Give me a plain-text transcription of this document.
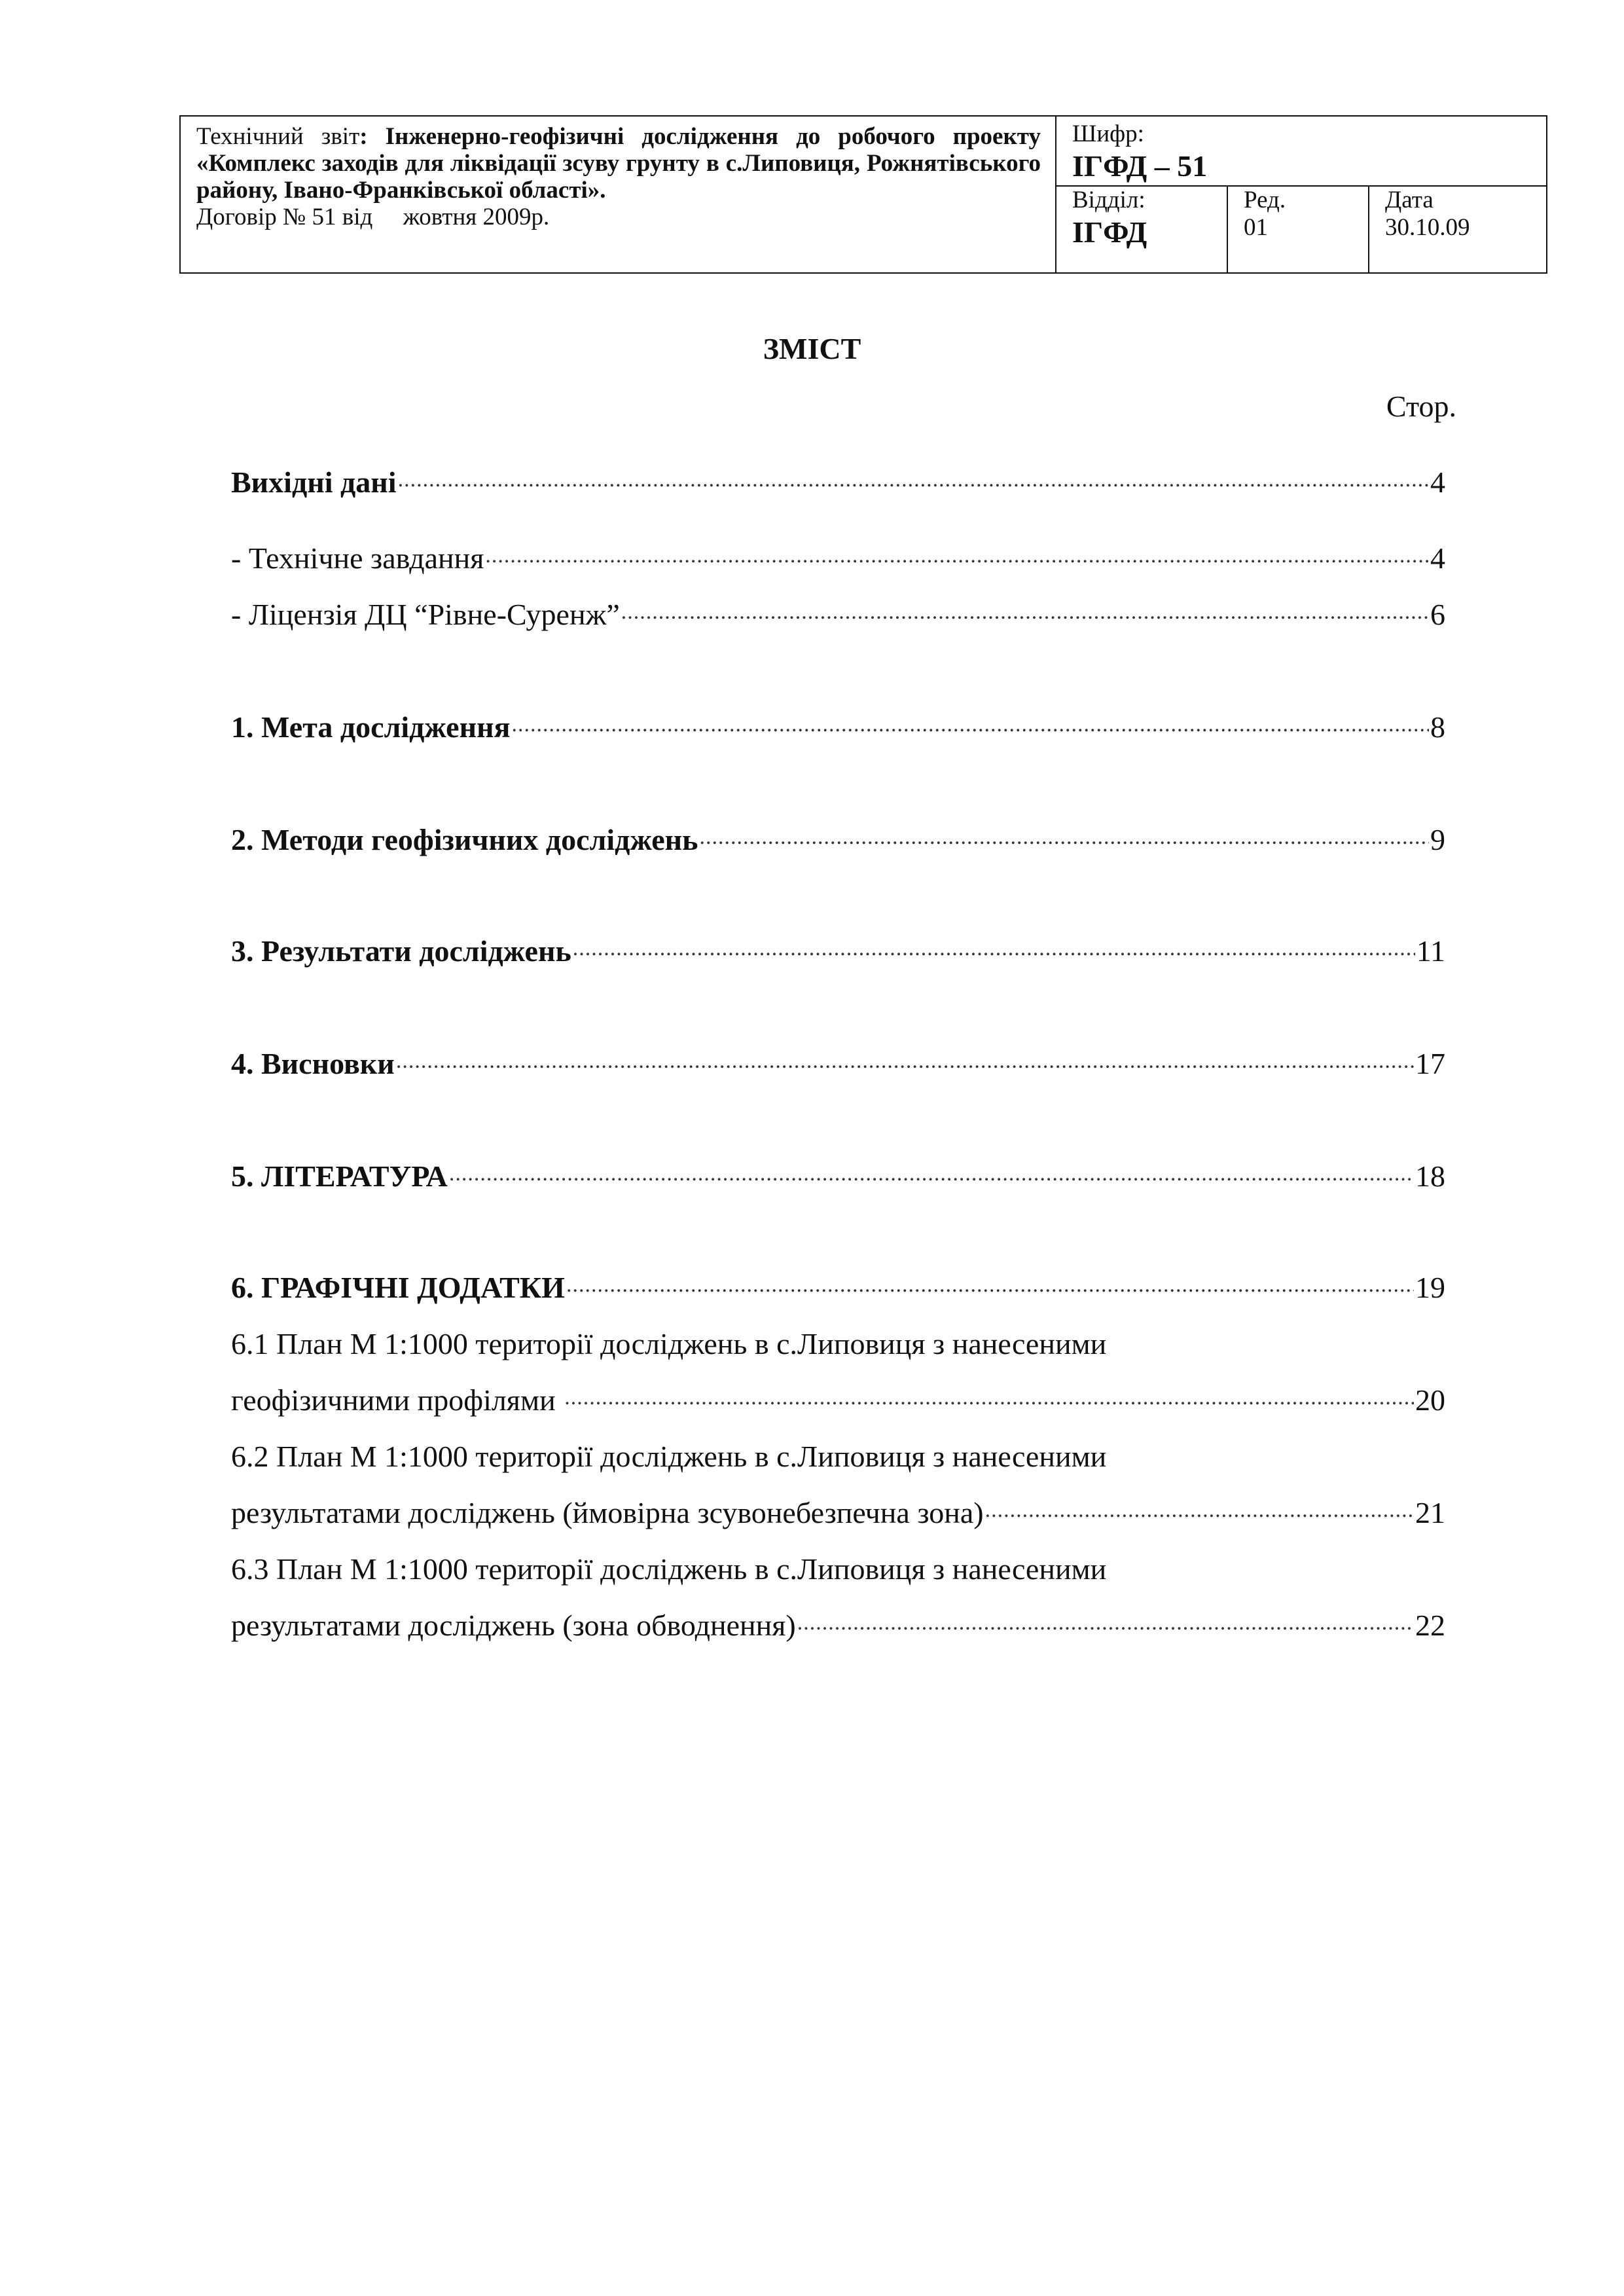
Технічний звіт: Інженерно-геофізичні дослідження до робочого проекту «Комплекс заходів для ліквідації зсуву грунту в с.Липовиця, Рожнятівського району, Івано-Франківської області».
Договір № 51 від     жовтня 2009р.
Шифр:
ІГФД – 51
Відділ:
ІГФД
Ред.
01
Дата
30.10.09
ЗМІСТ
Стор.
Вихідні дані .....	4
- Технічне завдання .....	4
- Ліцензія ДЦ “Рівне-Суренж” .....	6
1. Мета дослідження .....	8
2. Методи геофізичних досліджень .....	9
3. Результати досліджень .....	11
4. Висновки .....	17
5. ЛІТЕРАТУРА .....	18
6. ГРАФІЧНІ ДОДАТКИ .....	19
6.1 План М 1:1000 території досліджень в с.Липовиця з нанесеними
геофізичними профілями .....	20
6.2 План М 1:1000 території досліджень в с.Липовиця з нанесеними
результатами досліджень (ймовірна зсувонебезпечна зона) .....	21
6.3 План М 1:1000 території досліджень в с.Липовиця з нанесеними
результатами досліджень (зона обводнення) .....	22
